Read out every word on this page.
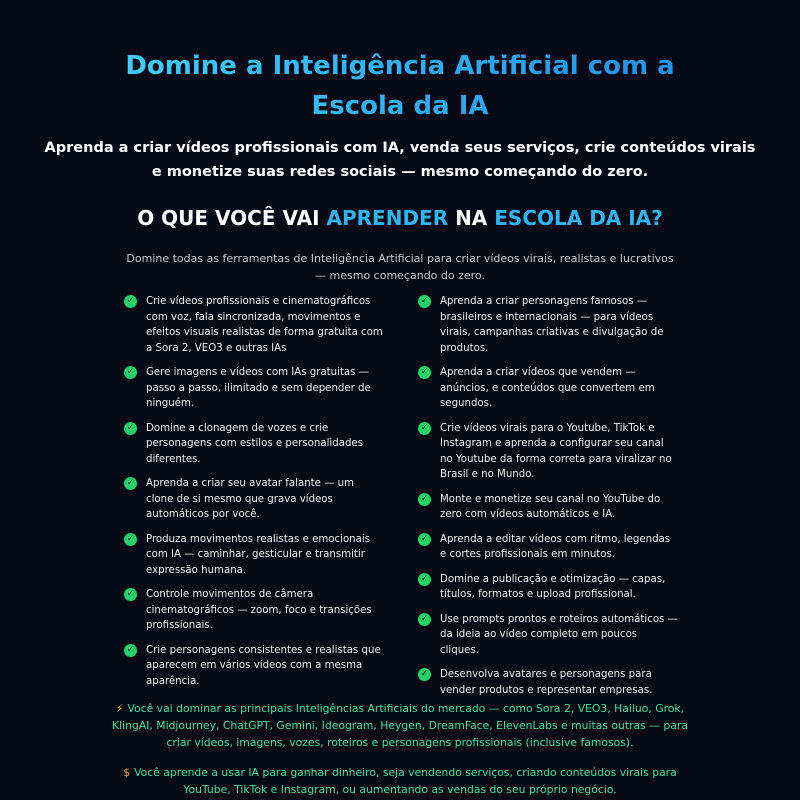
Domine a Inteligência Artificial com a Escola da IA

Aprenda a criar vídeos profissionais com IA, venda seus serviços, crie conteúdos virais e monetize suas redes sociais — mesmo começando do zero.

O QUE VOCÊ VAI APRENDER NA ESCOLA DA IA?

Domine todas as ferramentas de Inteligência Artificial para criar vídeos virais, realistas e lucrativos — mesmo começando do zero.

✓ Crie vídeos profissionais e cinematográficos com voz, fala sincronizada, movimentos e efeitos visuais realistas de forma gratuita com a Sora 2, VEO3 e outras IAs
✓ Gere imagens e vídeos com IAs gratuitas — passo a passo, ilimitado e sem depender de ninguém.
✓ Domine a clonagem de vozes e crie personagens com estilos e personalidades diferentes.
✓ Aprenda a criar seu avatar falante — um clone de si mesmo que grava vídeos automáticos por você.
✓ Produza movimentos realistas e emocionais com IA — caminhar, gesticular e transmitir expressão humana.
✓ Controle movimentos de câmera cinematográficos — zoom, foco e transições profissionais.
✓ Crie personagens consistentes e realistas que aparecem em vários vídeos com a mesma aparência.
✓ Aprenda a criar personagens famosos — brasileiros e internacionais — para vídeos virais, campanhas criativas e divulgação de produtos.
✓ Aprenda a criar vídeos que vendem — anúncios, e conteúdos que convertem em segundos.
✓ Crie vídeos virais para o Youtube, TikTok e Instagram e aprenda a configurar seu canal no Youtube da forma correta para viralizar no Brasil e no Mundo.
✓ Monte e monetize seu canal no YouTube do zero com vídeos automáticos e IA.
✓ Aprenda a editar vídeos com ritmo, legendas e cortes profissionais em minutos.
✓ Domine a publicação e otimização — capas, títulos, formatos e upload profissional.
✓ Use prompts prontos e roteiros automáticos — da ideia ao vídeo completo em poucos cliques.
✓ Desenvolva avatares e personagens para vender produtos e representar empresas.

⚡ Você vai dominar as principais Inteligências Artificiais do mercado — como Sora 2, VEO3, Hailuo, Grok, KlingAI, Midjourney, ChatGPT, Gemini, Ideogram, Heygen, DreamFace, ElevenLabs e muitas outras — para criar vídeos, imagens, vozes, roteiros e personagens profissionais (inclusive famosos).

$ Você aprende a usar IA para ganhar dinheiro, seja vendendo serviços, criando conteúdos virais para YouTube, TikTok e Instagram, ou aumentando as vendas do seu próprio negócio.
